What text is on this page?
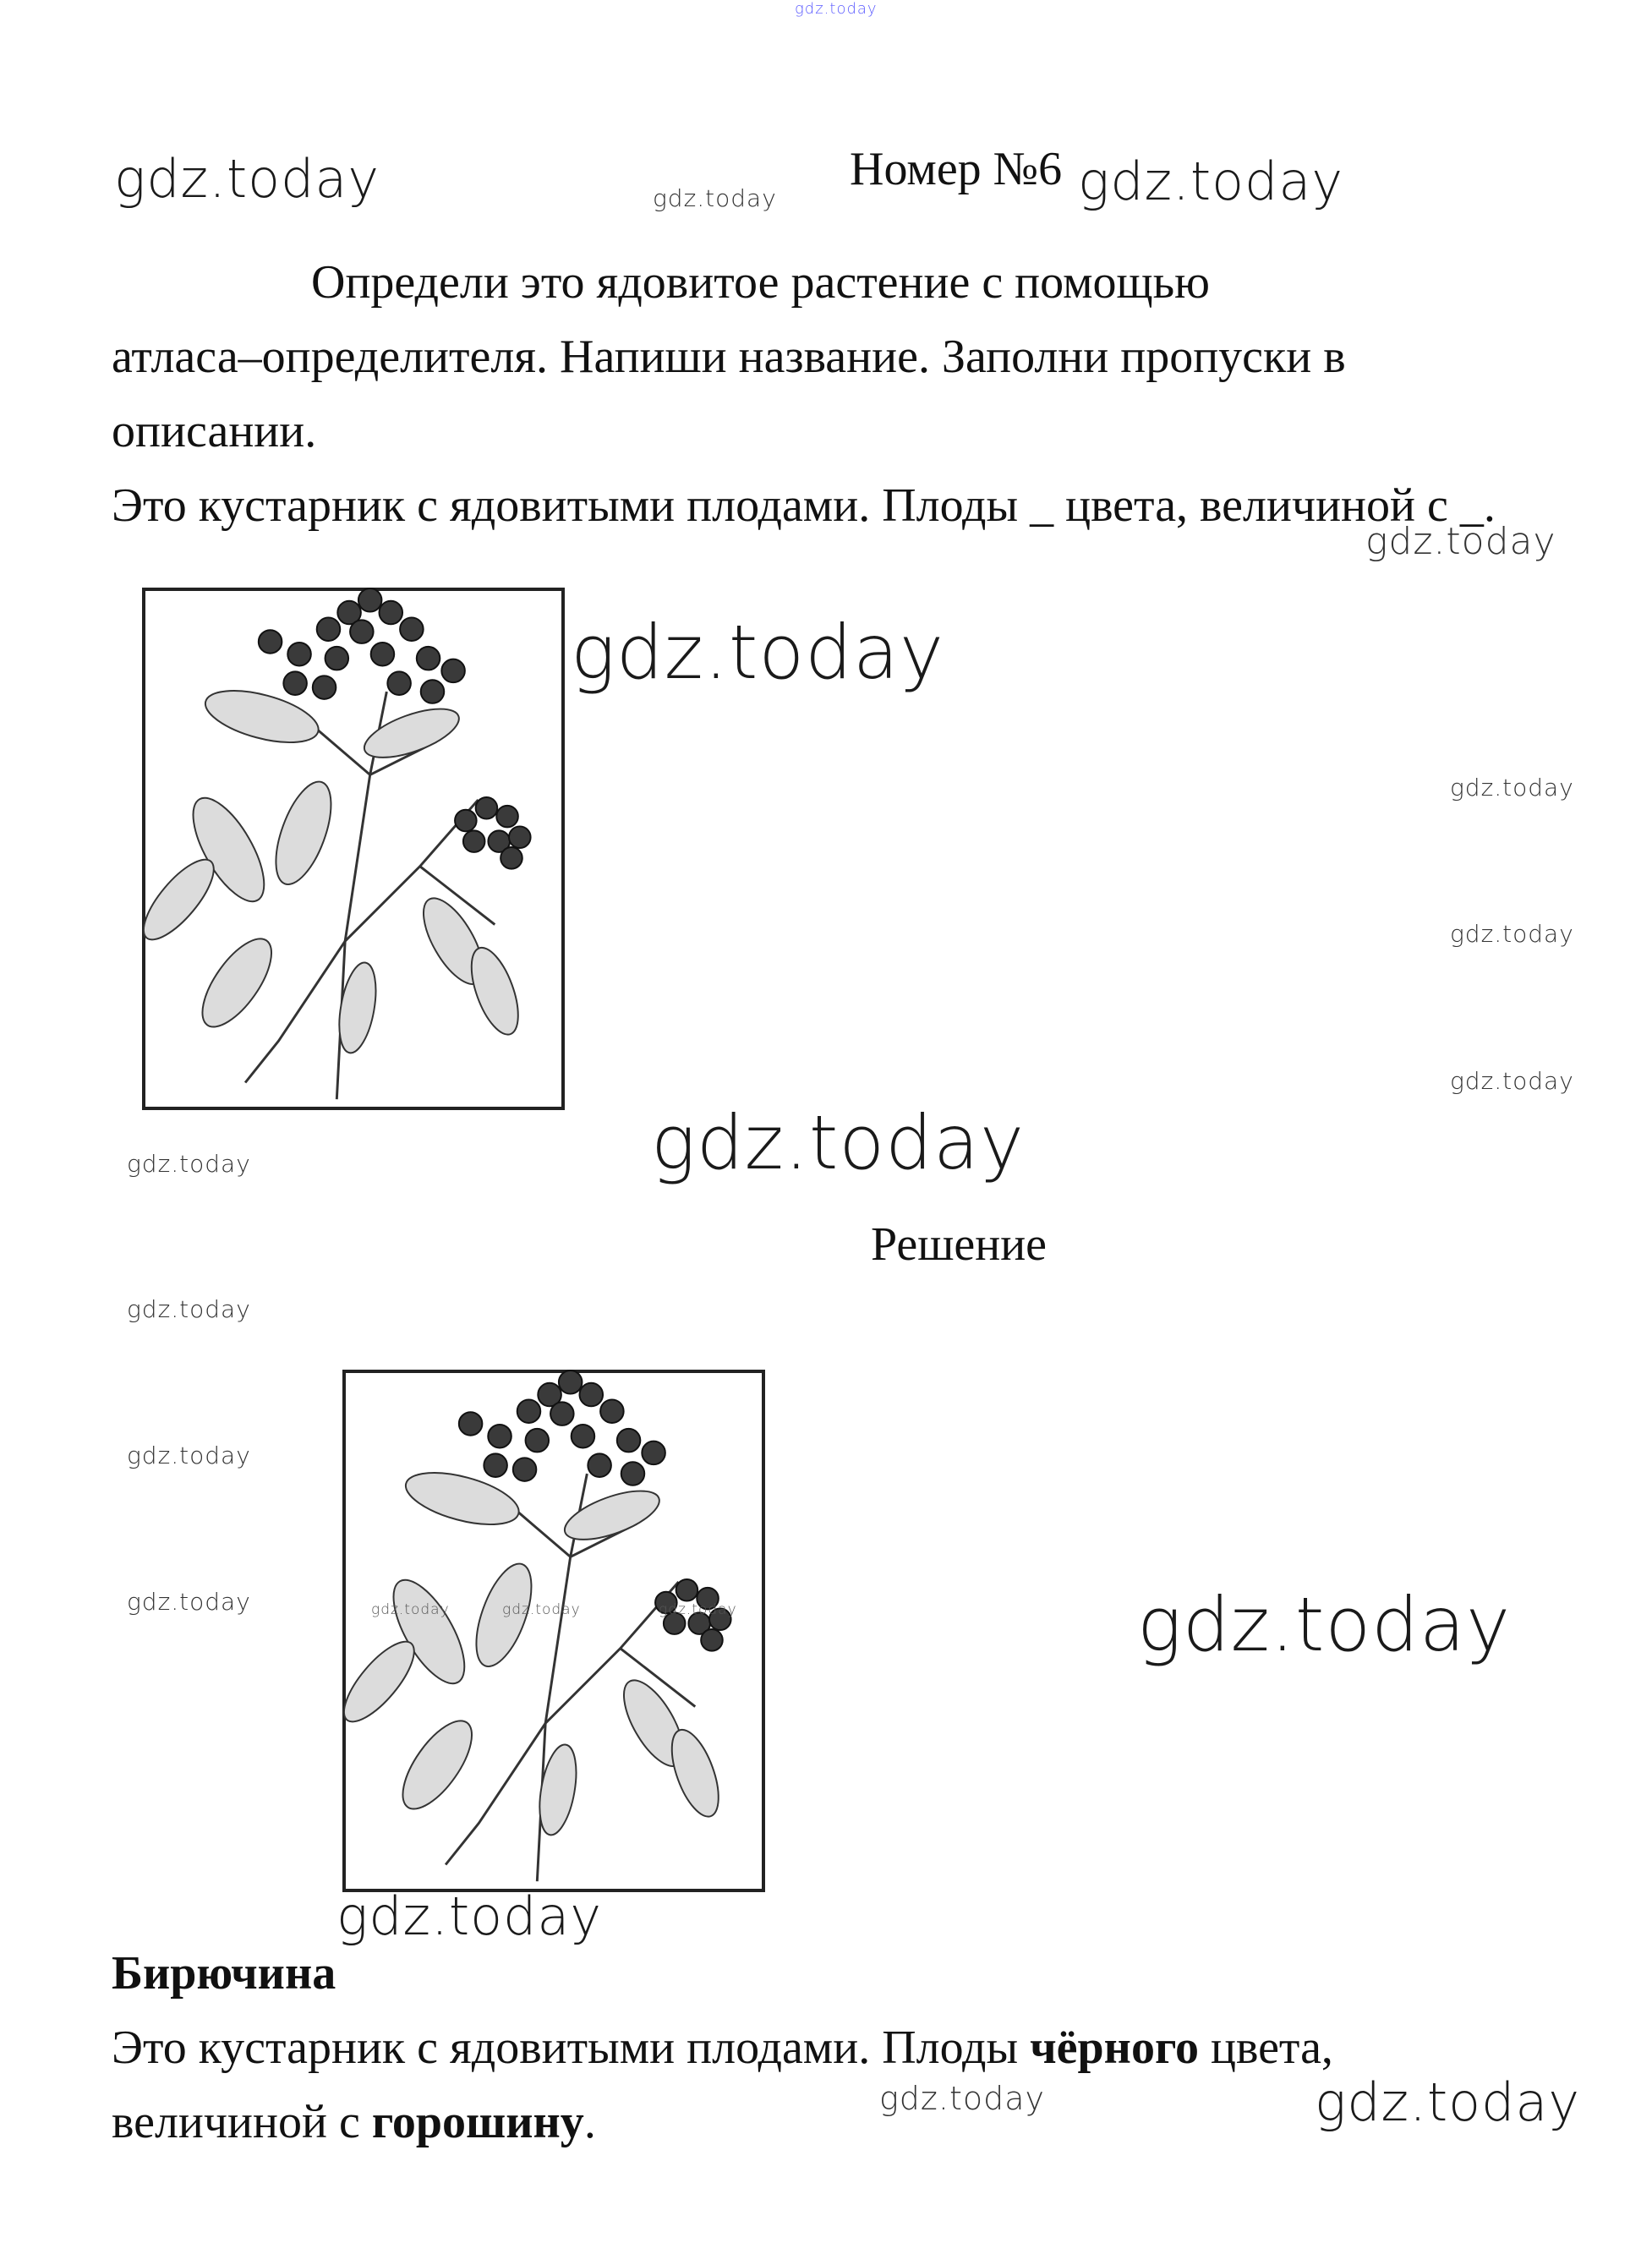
gdz.today
gdz.today	gdz.today
Номер №6 gdz.today
Определи это ядовитое растение с помощью
атласа–определителя. Напиши название. Заполни пропуски в
описании.
Это кустарник с ядовитыми плодами. Плоды _ цвета, величиной с _.
gdz.today
gdz.today
gdz.today
gdz.today
gdz.today
gdz.today	gdz.today
Решение
gdz.today
gdz.today
gdz.today	gdz.today	gdz.today	gdz.today	gdz.today
gdz.today
Бирючина
Это кустарник с ядовитыми плодами. Плоды чёрного цвета,
величиной с горошину.	gdz.today	gdz.today
